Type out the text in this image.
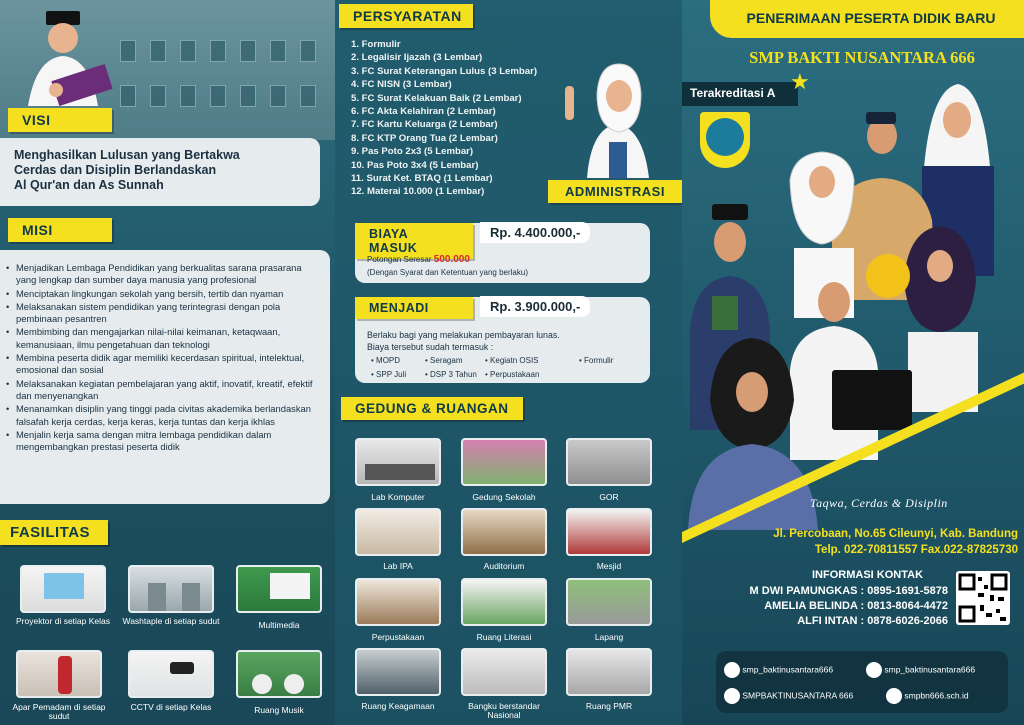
VISI
Menghasilkan Lulusan yang Bertakwa
Cerdas dan Disiplin Berlandaskan
Al Qur'an dan As Sunnah
MISI
• Menjadikan Lembaga Pendidikan yang berkualitas sarana prasarana yang lengkap dan sumber daya manusia yang profesional
• Menciptakan lingkungan sekolah yang bersih, tertib dan nyaman
• Melaksanakan sistem pendidikan yang terintegrasi dengan pola pembinaan pesantren
• Membimbing dan mengajarkan nilai-nilai keimanan, ketaqwaan, kemanusiaan, ilmu pengetahuan dan teknologi
• Membina peserta didik agar memiliki kecerdasan spiritual, intelektual, emosional dan sosial
• Melaksanakan kegiatan pembelajaran yang aktif, inovatif, kreatif, efektif dan menyenangkan
• Menanamkan disiplin yang tinggi pada civitas akademika berlandaskan falsafah kerja cerdas, kerja keras, kerja tuntas dan kerja ikhlas
• Menjalin kerja sama dengan mitra lembaga pendidikan dalam mengembangkan prestasi peserta didik
FASILITAS
Proyektor di setiap Kelas	Washtaple di setiap sudut	Multimedia
Apar Pemadam di setiap sudut
CCTV di setiap Kelas	Ruang Musik
PERSYARATAN
1. Formulir
2. Legalisir Ijazah (3 Lembar)
3. FC Surat Keterangan Lulus (3 Lembar)
4. FC NISN (3 Lembar)
5. FC Surat Kelakuan Baik (2 Lembar)
6. FC Akta Kelahiran (2 Lembar)
7. FC Kartu Keluarga (2 Lembar)
8. FC KTP Orang Tua (2 Lembar)
9. Pas Poto 2x3 (5 Lembar)
10. Pas Poto 3x4 (5 Lembar)
11. Surat Ket. BTAQ (1 Lembar)
12. Materai 10.000 (1 Lembar)	ADMINISTRASI
BIAYA MASUK
Rp. 4.400.000,-
Potongan Seresar 500.000
(Dengan Syarat dan Ketentuan yang berlaku)
MENJADI	Rp. 3.900.000,-
Berlaku bagi yang melakukan pembayaran lunas.
Biaya tersebut sudah termasuk :
• MOPD	• Seragam	• Kegiatn OSIS	• Formulir
• SPP Juli • DSP 3 Tahun • Perpustakaan
GEDUNG & RUANGAN
Lab Komputer	Gedung Sekolah	GOR
Lab IPA	Auditorium	Mesjid
Perpustakaan	Ruang Literasi	Lapang
Ruang Keagamaan	Bangku berstandar Nasional
Ruang PMR
PENERIMAAN PESERTA DIDIK BARU
SMP BAKTI NUSANTARA 666
Terakreditasi A ★
Taqwa, Cerdas & Disiplin
Jl. Percobaan, No.65 Cileunyi, Kab. Bandung
Telp. 022-70811557 Fax.022-87825730
INFORMASI KONTAK
M DWI PAMUNGKAS : 0895-1691-5878
AMELIA BELINDA : 0813-8064-4472
ALFI INTAN : 0878-6026-2066
smp_baktinusantara666	smp_baktinusantara666
SMPBAKTINUSANTARA 666	smpbn666.sch.id
